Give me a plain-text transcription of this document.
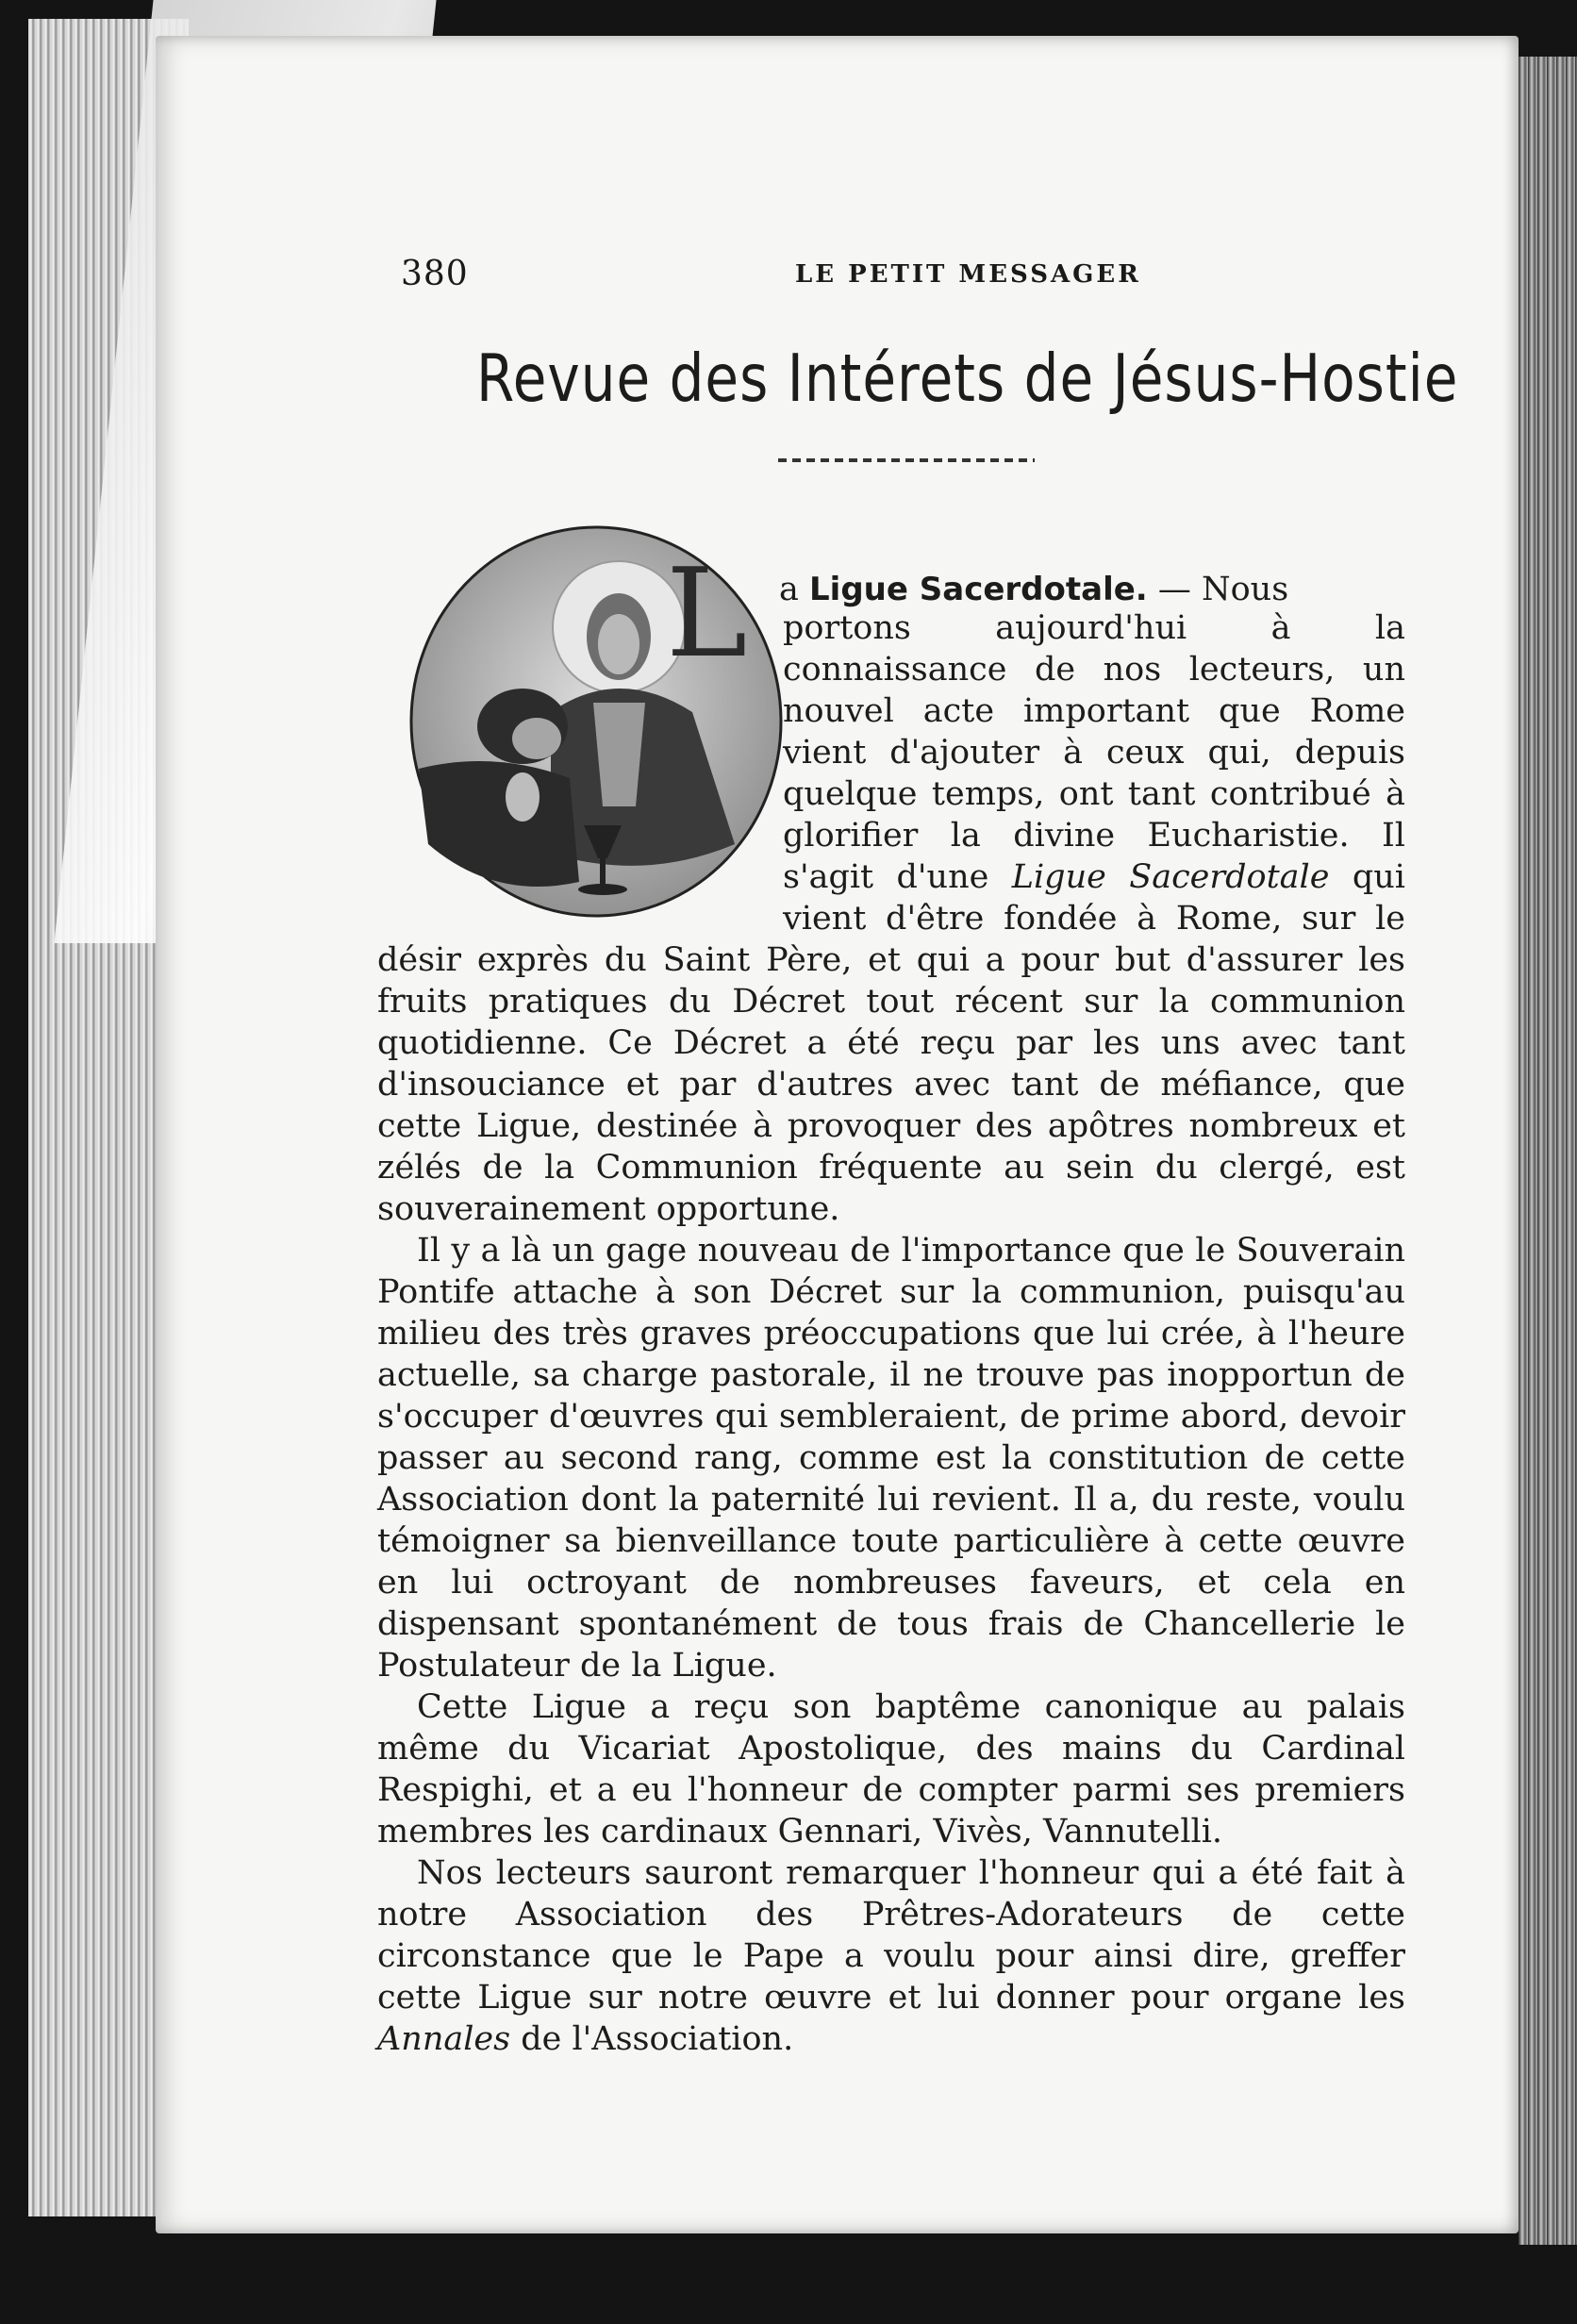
380	LE PETIT MESSAGER
Revue des Intérets de Jésus-Hostie
L a Ligue Sacerdotale. — Nous

portons aujourd'hui à la connaissance de nos lecteurs, un nouvel acte important que Rome vient d'ajouter à ceux qui, depuis quelque temps, ont tant contribué à glorifier la divine Eucharistie. Il s'agit d'une Ligue Sacerdotale qui vient d'être fondée à Rome, sur le désir exprès du Saint Père, et qui a pour but d'assurer les fruits pratiques du Décret tout récent sur la communion quotidienne. Ce Décret a été reçu par les uns avec tant d'insouciance et par d'autres avec tant de méfiance, que cette Ligue, destinée à provoquer des apôtres nombreux et zélés de la Communion fréquente au sein du clergé, est souverainement opportune.

Il y a là un gage nouveau de l'importance que le Souverain Pontife attache à son Décret sur la communion, puisqu'au milieu des très graves préoccupations que lui crée, à l'heure actuelle, sa charge pastorale, il ne trouve pas inopportun de s'occuper d'œuvres qui sembleraient, de prime abord, devoir passer au second rang, comme est la constitution de cette Association dont la paternité lui revient. Il a, du reste, voulu témoigner sa bienveillance toute particulière à cette œuvre en lui octroyant de nombreuses faveurs, et cela en dispensant spontanément de tous frais de Chancellerie le Postulateur de la Ligue.

Cette Ligue a reçu son baptême canonique au palais même du Vicariat Apostolique, des mains du Cardinal Respighi, et a eu l'honneur de compter parmi ses premiers membres les cardinaux Gennari, Vivès, Vannutelli.

Nos lecteurs sauront remarquer l'honneur qui a été fait à notre Association des Prêtres-Adorateurs de cette circonstance que le Pape a voulu pour ainsi dire, greffer cette Ligue sur notre œuvre et lui donner pour organe les Annales de l'Association.
